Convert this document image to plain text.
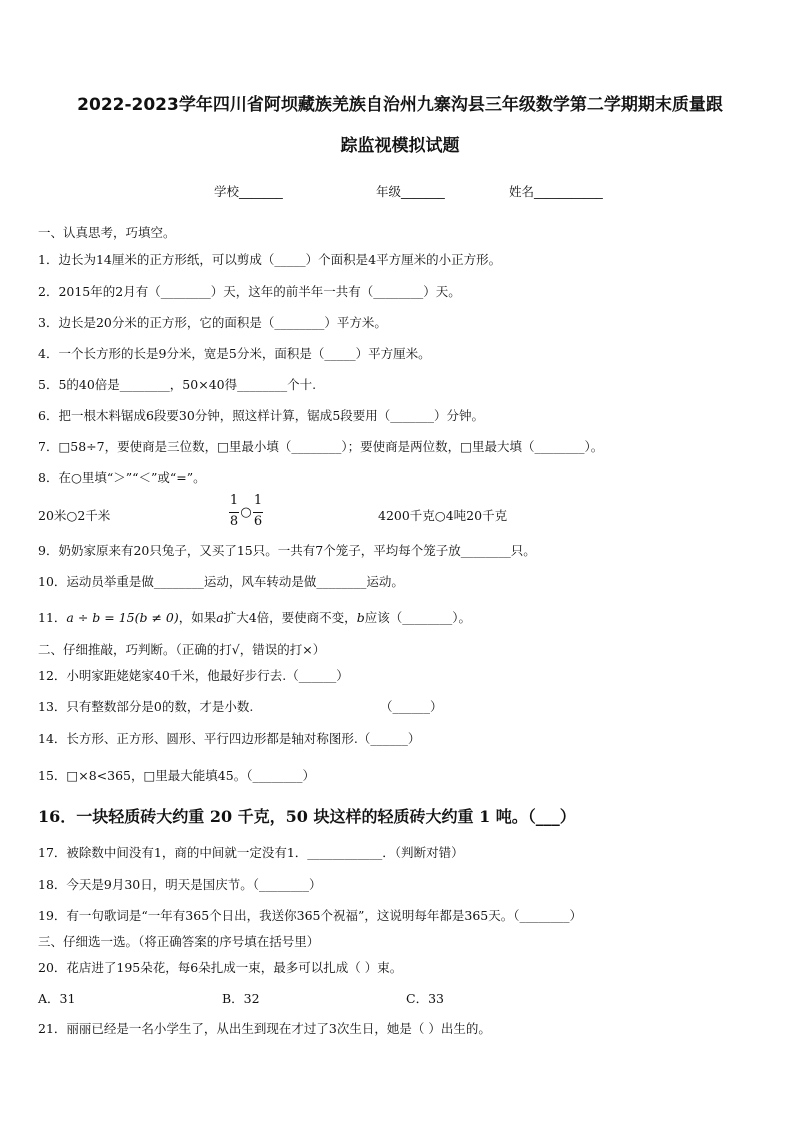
2022-2023学年四川省阿坝藏族羌族自治州九寨沟县三年级数学第二学期期末质量跟
踪监视模拟试题
学校_______	年级_______	姓名___________
一、认真思考，巧填空。
1．边长为14厘米的正方形纸，可以剪成（_____）个面积是4平方厘米的小正方形。
2．2015年的2月有（________）天，这年的前半年一共有（________）天。
3．边长是20分米的正方形，它的面积是（________）平方米。
4．一个长方形的长是9分米，宽是5分米，面积是（_____）平方厘米。
5．5的40倍是________，50×40得________个十.
6．把一根木料锯成6段要30分钟，照这样计算，锯成5段要用（_______）分钟。
7．□58÷7，要使商是三位数，□里最小填（________）；要使商是两位数，□里最大填（________）。
8．在○里填“＞”“＜”或“=”。
20米○2千米
1
8
○
1
6	4200千克○4吨20千克
9．奶奶家原来有20只兔子，又买了15只。一共有7个笼子，平均每个笼子放________只。
10．运动员举重是做________运动，风车转动是做________运动。
11．a ÷ b = 15(b ≠ 0)，如果a扩大4倍，要使商不变，b应该（________）。
二、仔细推敲，巧判断。（正确的打√，错误的打×）
12．小明家距姥姥家40千米，他最好步行去.（______）
13．只有整数部分是0的数，才是小数.	（______）
14．长方形、正方形、圆形、平行四边形都是轴对称图形.（______）
15．□×8<365，□里最大能填45。（________）
16．一块轻质砖大约重 20 千克，50 块这样的轻质砖大约重 1 吨。（___）
17．被除数中间没有1，商的中间就一定没有1．____________．（判断对错）
18．今天是9月30日，明天是国庆节。（________）
19．有一句歌词是“一年有365个日出，我送你365个祝福”，这说明每年都是365天。（________）
三、仔细选一选。（将正确答案的序号填在括号里）
20．花店进了195朵花，每6朵扎成一束，最多可以扎成（ ）束。
A．31	B．32	C．33
21．丽丽已经是一名小学生了，从出生到现在才过了3次生日，她是（ ）出生的。
